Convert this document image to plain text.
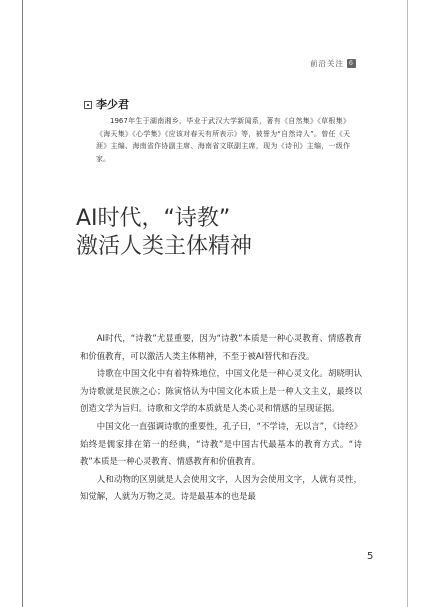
前沿关注 6
李少君

1967年生于湖南湘乡，毕业于武汉大学新闻系，著有《自然集》《草根集》《海天集》《心学集》《应该对春天有所表示》等，被誉为“自然诗人”。曾任《天涯》主编、海南省作协副主席、海南省文联副主席，现为《诗刊》主编，一级作家。

AI时代，“诗教”
激活人类主体精神

AI时代，“诗教”尤显重要，因为“诗教”本质是一种心灵教育、情感教育和价值教育，可以激活人类主体精神，不至于被AI替代和吞没。

诗歌在中国文化中有着特殊地位，中国文化是一种心灵文化。胡晓明认为诗歌就是民族之心；陈寅恪认为中国文化本质上是一种人文主义，最终以创造文学为旨归。诗歌和文学的本质就是人类心灵和情感的呈现证据。

中国文化一直强调诗歌的重要性，孔子曰，“不学诗，无以言”，《诗经》始终是儒家排在第一的经典，“诗教”是中国古代最基本的教育方式。“诗教”本质是一种心灵教育、情感教育和价值教育。

人和动物的区别就是人会使用文字，人因为会使用文字，人就有灵性，知觉解，人就为万物之灵。诗是最基本的也是最

5
